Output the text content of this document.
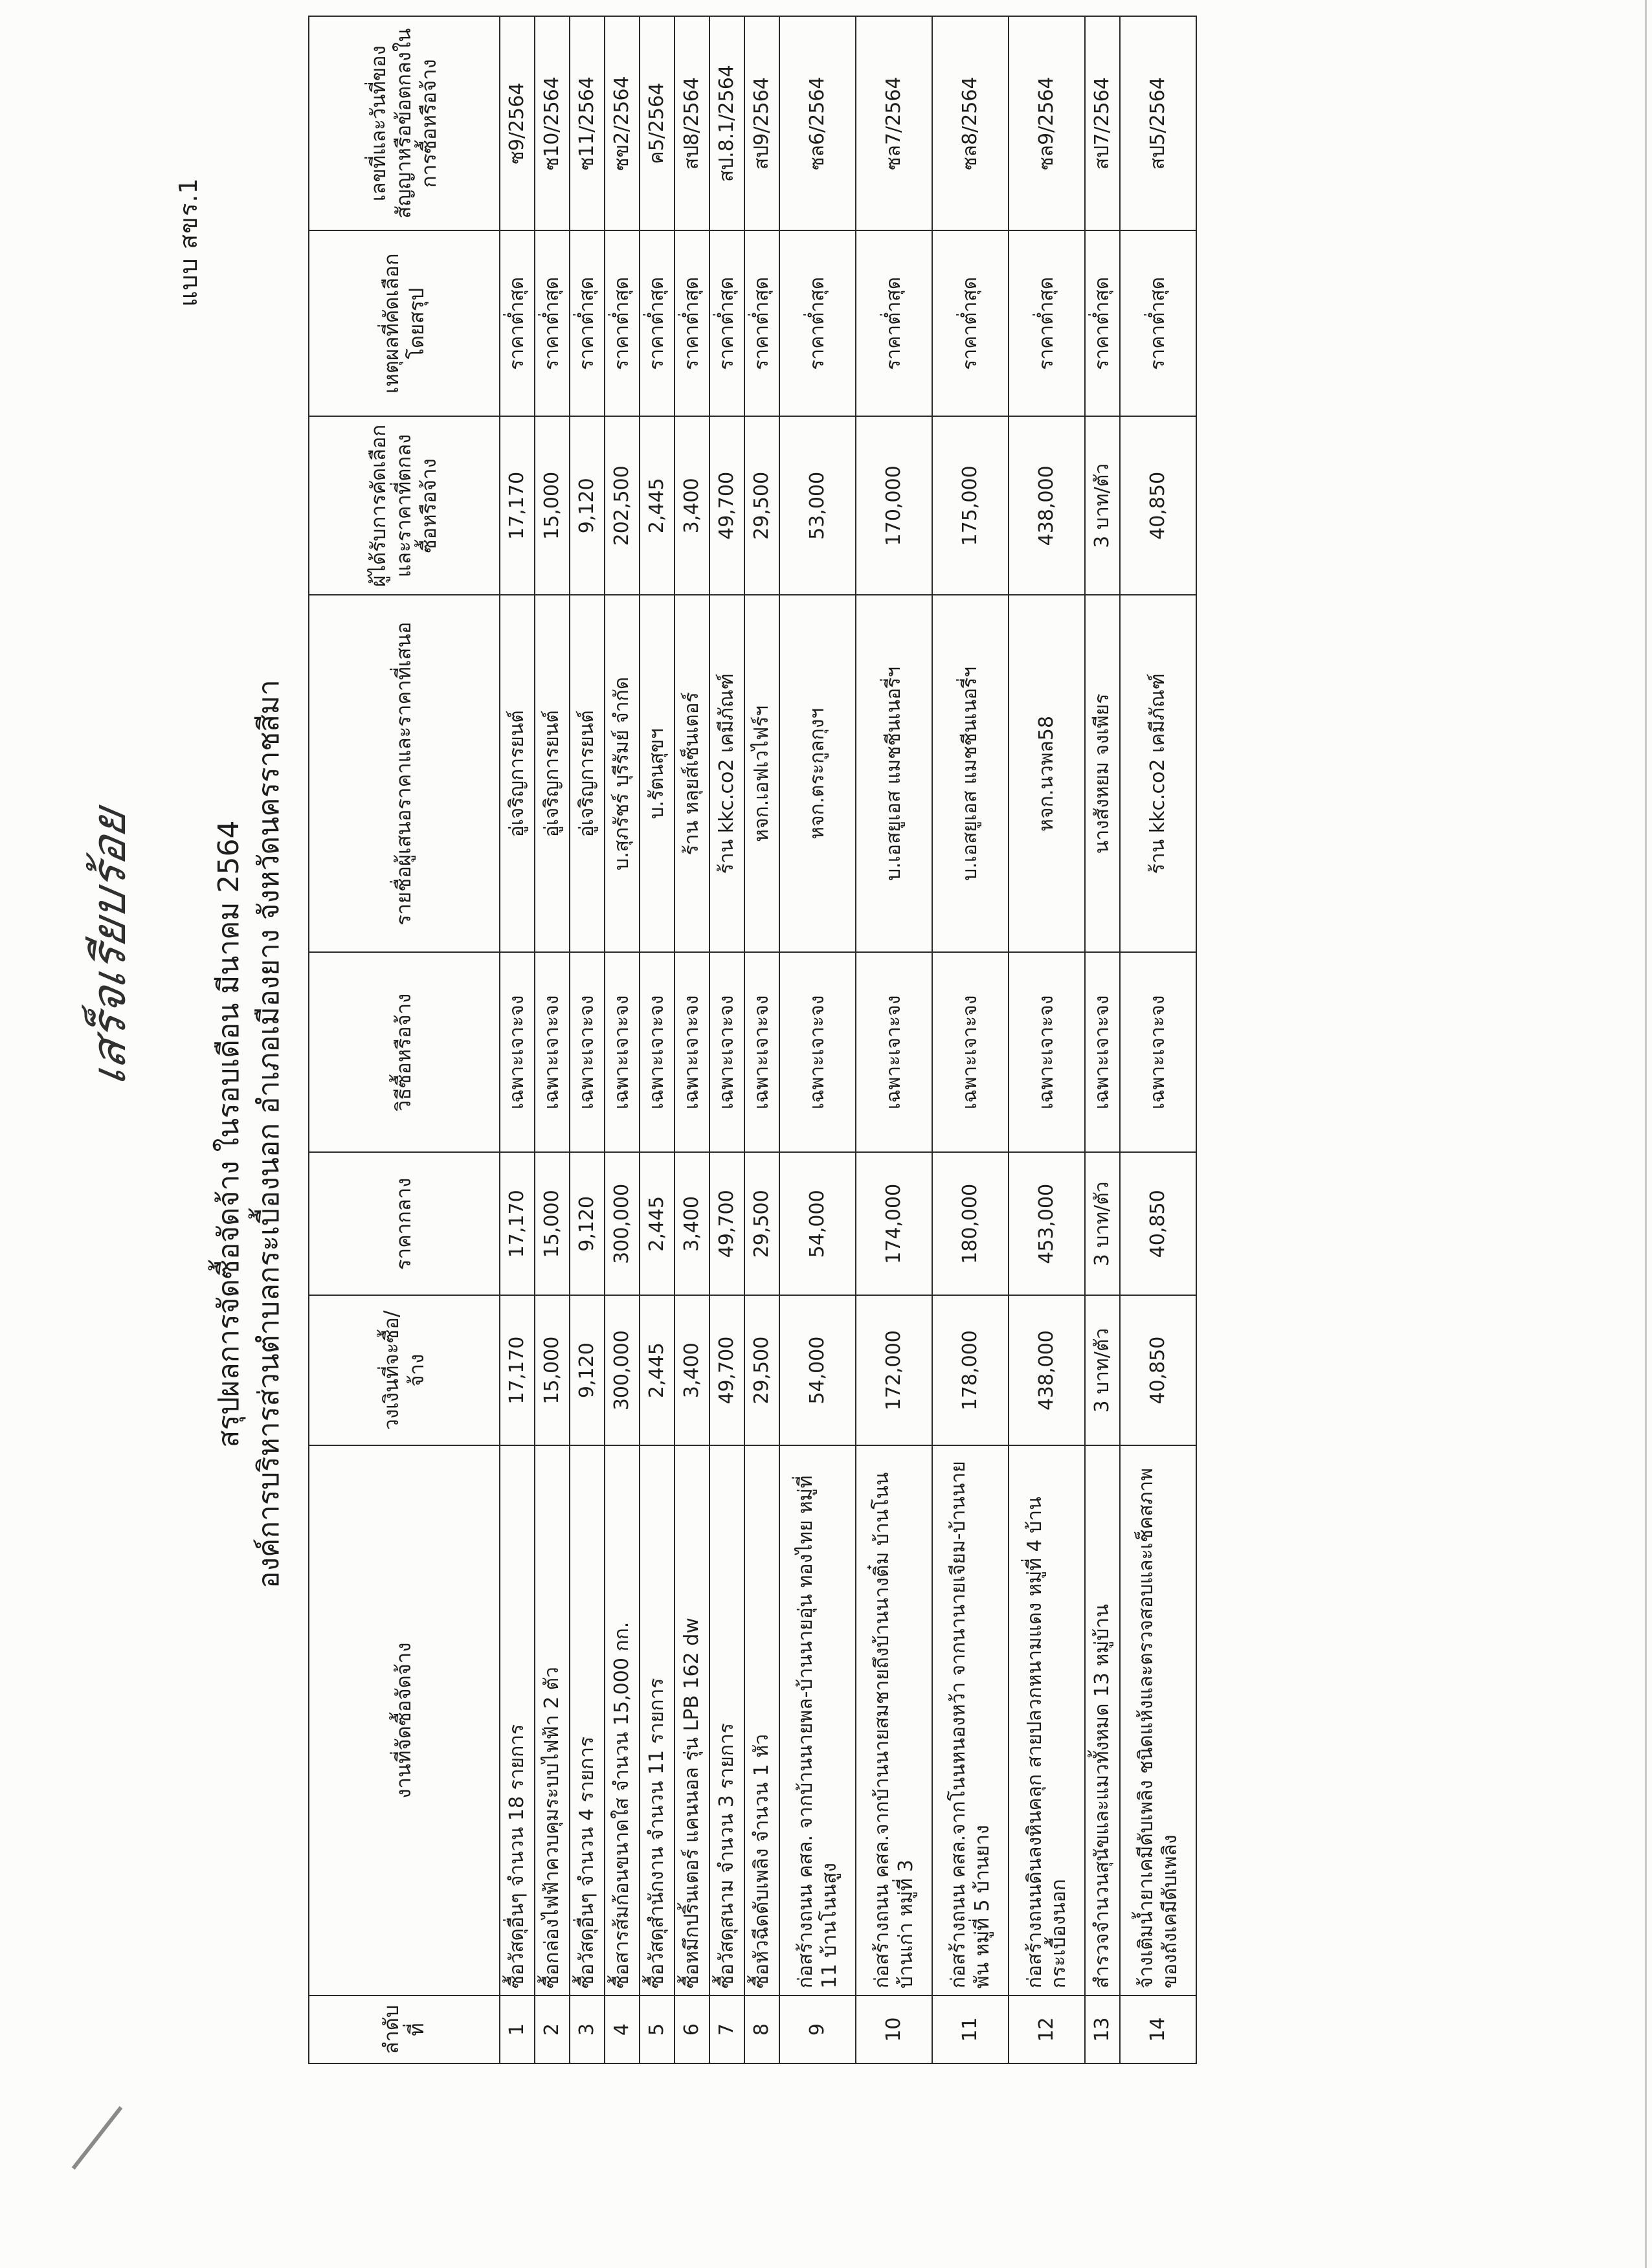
แบบ สขร.1
เสร็จเรียบร้อย	สรุปผลการจัดซื้อจัดจ้าง ในรอบเดือน มีนาคม 2564 องค์การบริหารส่วนตำบลกระเบื้องนอก อำเภอเมืองยาง จังหวัดนครราชสีมา
ลำดับที่	งานที่จัดซื้อจัดจ้าง	วงเงินที่จะซื้อ/จ้าง	ราคากลาง	วิธีซื้อหรือจ้าง	รายชื่อผู้เสนอราคาและราคาที่เสนอ	ผู้ได้รับการคัดเลือกและราคาที่ตกลงซื้อหรือจ้าง	เหตุผลที่คัดเลือกโดยสรุป	เลขที่และวันที่ของสัญญาหรือข้อตกลงในการซื้อหรือจ้าง
1	ซื้อวัสดุอื่นๆ จำนวน 18 รายการ	17,170	17,170	เฉพาะเจาะจง	อู่เจริญการยนต์	17,170	ราคาต่ำสุด	ซ9/2564
2	ซื้อกล่องไฟฟ้าควบคุมระบบไฟฟ้า 2 ตัว	15,000	15,000	เฉพาะเจาะจง	อู่เจริญการยนต์	15,000	ราคาต่ำสุด	ซ10/2564
3	ซื้อวัสดุอื่นๆ จำนวน 4 รายการ	9,120	9,120	เฉพาะเจาะจง	อู่เจริญการยนต์	9,120	ราคาต่ำสุด	ซ11/2564
4	ซื้อสารส้มก้อนขนาดใส จำนวน 15,000 กก.	300,000	300,000	เฉพาะเจาะจง	บ.สุภรัชร์ บุรีรัมย์ จำกัด	202,500	ราคาต่ำสุด	ซข2/2564
5	ซื้อวัสดุสำนักงาน จำนวน 11 รายการ	2,445	2,445	เฉพาะเจาะจง	บ.รัตนสุขฯ	2,445	ราคาต่ำสุด	ค5/2564
6	ซื้อหมึกปริ้นเตอร์ แคนนอล รุ่น LPB 162 dw	3,400	3,400	เฉพาะเจาะจง	ร้าน หลุยส์เซ็นเตอร์	3,400	ราคาต่ำสุด	สป8/2564
7	ซื้อวัสดุสนาม จำนวน 3 รายการ	49,700	49,700	เฉพาะเจาะจง	ร้าน kkc.co2 เคมีภัณฑ์	49,700	ราคาต่ำสุด	สป.8.1/2564
8	ซื้อหัวฉีดดับเพลิง จำนวน 1 หัว	29,500	29,500	เฉพาะเจาะจง	หจก.เอฟเวไฟร์ฯ	29,500	ราคาต่ำสุด	สป9/2564
9	ก่อสร้างถนน คสล. จากบ้านนายพล-บ้านนายอุ่น ทองไทย หมู่ที่ 11 บ้านโนนสูง	54,000	54,000	เฉพาะเจาะจง	หจก.ตระกูลกุงฯ	53,000	ราคาต่ำสุด	ซล6/2564
10	ก่อสร้างถนน คสล.จากบ้านนายสมชายถึงบ้านนางติ๋ม บ้านโนนบ้านเก่า หมู่ที่ 3	172,000	174,000	เฉพาะเจาะจง	บ.เอสยูเอส แมชชีนเนอรี่ฯ	170,000	ราคาต่ำสุด	ซล7/2564
11	ก่อสร้างถนน คสล.จากโนนหนองหว้า จากนานายเจียม-บ้านนายพัน หมู่ที่ 5 บ้านยาง	178,000	180,000	เฉพาะเจาะจง	บ.เอสยูเอส แมชชีนเนอรี่ฯ	175,000	ราคาต่ำสุด	ซล8/2564
12	ก่อสร้างถนนดินลงหินคลุก สายปลวกหนามแดง หมู่ที่ 4 บ้านกระเบื้องนอก	438,000	453,000	เฉพาะเจาะจง	หจก.นวพล58	438,000	ราคาต่ำสุด	ซล9/2564
13	สำรวจจำนวนสุนัขและแมวทั้งหมด 13 หมู่บ้าน	3 บาท/ตัว	3 บาท/ตัว	เฉพาะเจาะจง	นางสังหยม จงเพียร	3 บาท/ตัว	ราคาต่ำสุด	สป7/2564
14	จ้างเติมน้ำยาเคมีดับเพลิง ชนิดแห้งและตรวจสอบและเช็คสภาพของถังเคมีดับเพลิง	40,850	40,850	เฉพาะเจาะจง	ร้าน kkc.co2 เคมีภัณฑ์	40,850	ราคาต่ำสุด	สป5/2564
